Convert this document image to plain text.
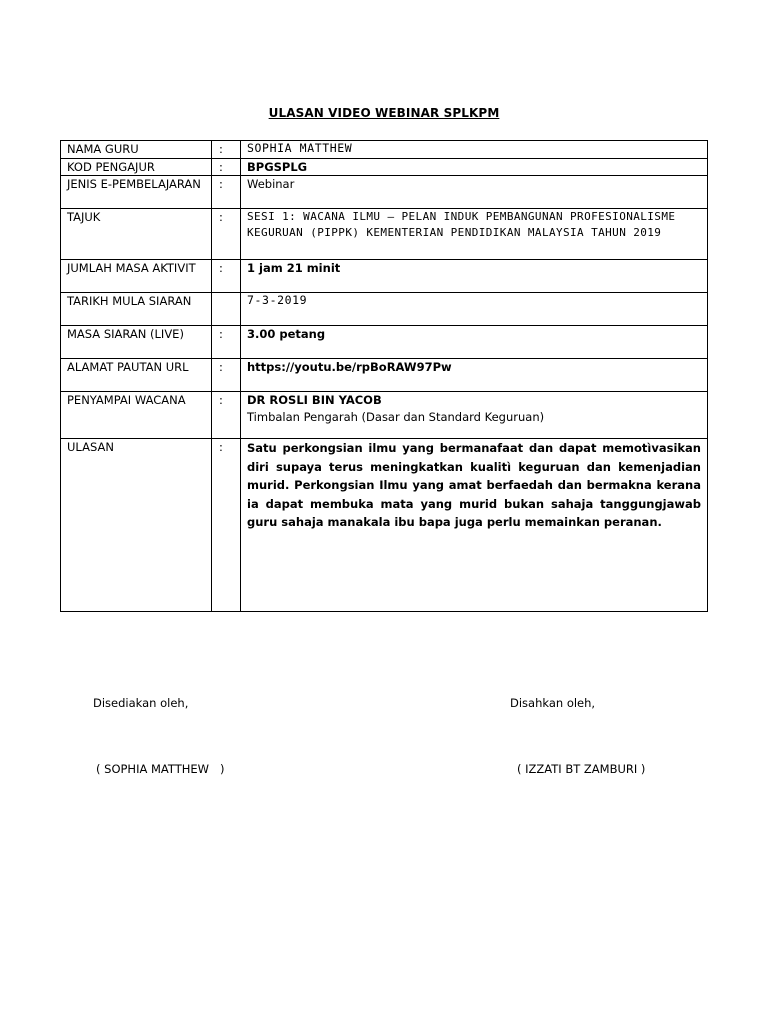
ULASAN VIDEO WEBINAR SPLKPM
NAMA GURU	:	SOPHIA MATTHEW
KOD PENGAJUR	:	BPGSPLG
JENIS E-PEMBELAJARAN	:	Webinar
TAJUK	:	SESI 1: WACANA ILMU – PELAN INDUK PEMBANGUNAN PROFESIONALISME KEGURUAN (PIPPK) KEMENTERIAN PENDIDIKAN MALAYSIA TAHUN 2019
JUMLAH MASA AKTIVIT	:	1 jam 21 minit
TARIKH MULA SIARAN		7-3-2019
MASA SIARAN (LIVE)	:	3.00 petang
ALAMAT PAUTAN URL	:	https://youtu.be/rpBoRAW97Pw
PENYAMPAI WACANA	:	DR ROSLI BIN YACOB
Timbalan Pengarah (Dasar dan Standard Keguruan)

ULASAN	:	Satu perkongsian ilmu yang bermanafaat dan dapat memotìvasikan diri supaya terus meningkatkan kualitì keguruan dan kemenjadian murid. Perkongsian Ilmu yang amat berfaedah dan bermakna kerana ia dapat membuka mata yang murid bukan sahaja tanggungjawab guru sahaja manakala ibu bapa juga perlu memainkan peranan.
Disediakan oleh,	Disahkan oleh,
( SOPHIA MATTHEW   )	( IZZATI BT ZAMBURI )
